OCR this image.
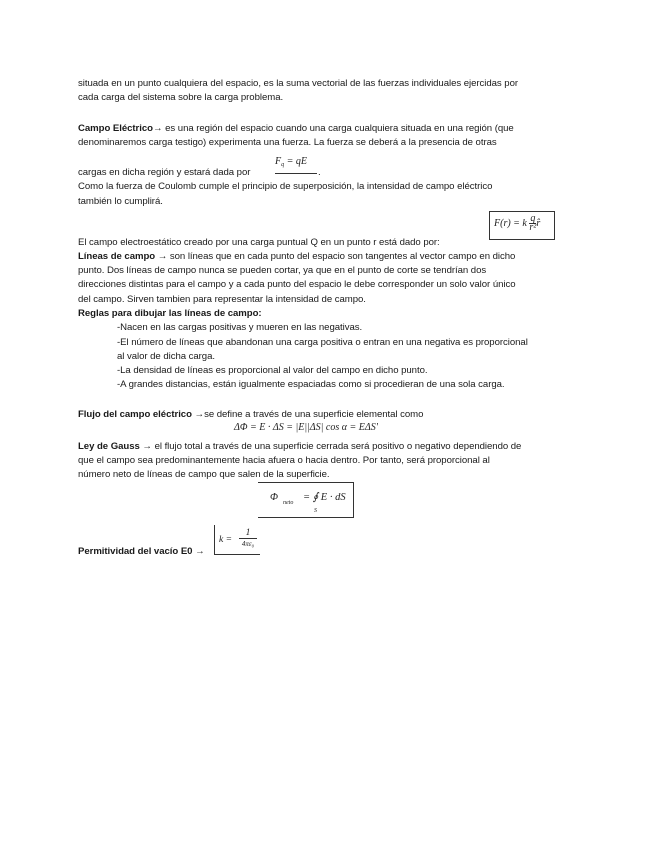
situada en un punto cualquiera del espacio, es la suma vectorial de las fuerzas individuales ejercidas por
cada carga del sistema sobre la carga problema.
Campo Eléctrico→ es una región del espacio cuando una carga cualquiera situada en una región (que
denominaremos carga testigo) experimenta una fuerza. La fuerza se deberá a la presencia de otras
cargas en dicha región y estará dada por
$F_q$ = qE
.
Como la fuerza de Coulomb cumple el principio de superposición, la intensidad de campo eléctrico
también lo cumplirá.
F(r) = k $\frac{q}{\text{r²}}$ r̂
El campo electroestático creado por una carga puntual Q en un punto r está dado por:
Líneas de campo → son líneas que en cada punto del espacio son tangentes al vector campo en dicho
punto. Dos líneas de campo nunca se pueden cortar, ya que en el punto de corte se tendrían dos
direcciones distintas para el campo y a cada punto del espacio le debe corresponder un solo valor único
del campo. Sirven tambien para representar la intensidad de campo.
Reglas para dibujar las líneas de campo:
-Nacen en las cargas positivas y mueren en las negativas.
-El número de líneas que abandonan una carga positiva o entran en una negativa es proporcional
al valor de dicha carga.
-La densidad de líneas es proporcional al valor del campo en dicho punto.
-A grandes distancias, están igualmente espaciadas como si procedieran de una sola carga.
Flujo del campo eléctrico →se define a través de una superficie elemental como
ΔΦ = E · ΔS = |E||ΔS| cos α = EΔS'
Ley de Gauss → el flujo total a través de una superficie cerrada será positivo o negativo dependiendo de
que el campo sea predominantemente hacia afuera o hacia dentro. Por tanto, será proporcional al
número neto de líneas de campo que salen de la superficie.
Φ neto = ∮ E · dS
S
k =
1
4πε₀
Permitividad del vacío E0 →
